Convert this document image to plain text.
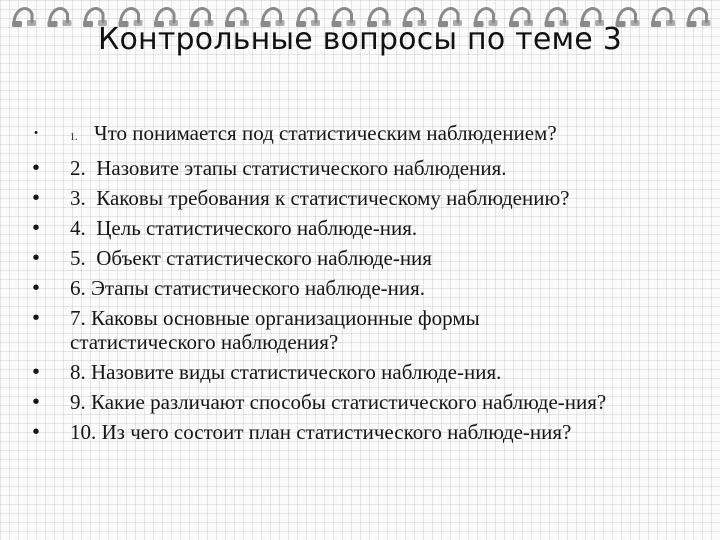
Контрольные вопросы по теме 3
•	1. Что понимается под статистическим наблюдением?
• 2. Назовите этапы статистического наблюдения.
• 3. Каковы требования к статистическому наблюдению?
• 4. Цель статистического наблюде-ния.
• 5. Объект статистического наблюде-ния
• 6. Этапы статистического наблюде-ния.
• 7. Каковы основные организационные формы
статистического наблюдения?
• 8. Назовите виды статистического наблюде-ния.
• 9. Какие различают способы статистического наблюде-ния?
• 10. Из чего состоит план статистического наблюде-ния?
